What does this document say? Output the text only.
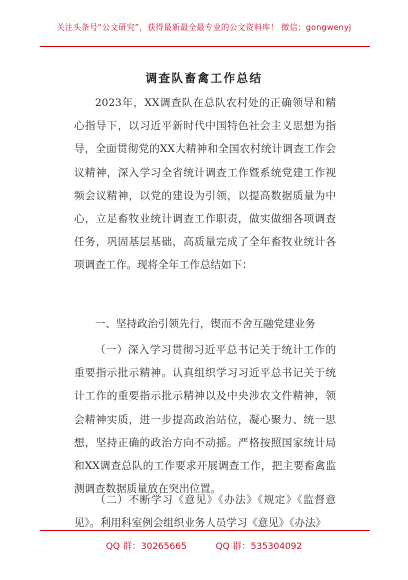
关注头条号“公文研究”，获得最新最全最专业的公文资料库！ 微信：gongwenyj
调查队畜禽工作总结
2023年，XX调查队在总队农村处的正确领导和精心指导下，以习近平新时代中国特色社会主义思想为指导，全面贯彻党的XX大精神和全国农村统计调查工作会议精神，深入学习全省统计调查工作暨系统党建工作视频会议精神，以党的建设为引领，以提高数据质量为中心，立足畜牧业统计调查工作职责，做实做细各项调查任务，巩固基层基础，高质量完成了全年畜牧业统计各项调查工作。现将全年工作总结如下：
一、坚持政治引领先行，锲而不舍互融党建业务
（一）深入学习贯彻习近平总书记关于统计工作的重要指示批示精神。认真组织学习习近平总书记关于统计工作的重要指示批示精神以及中央涉农文件精神，领会精神实质，进一步提高政治站位，凝心聚力、统一思想，坚持正确的政治方向不动摇。严格按照国家统计局和XX调查总队的工作要求开展调查工作，把主要畜禽监测调查数据质量放在突出位置。
（二）不断学习《意见》《办法》《规定》《监督意见》。利用科室例会组织业务人员学习《意见》《办法》
QQ 群：30265665	QQ 群：535304092
